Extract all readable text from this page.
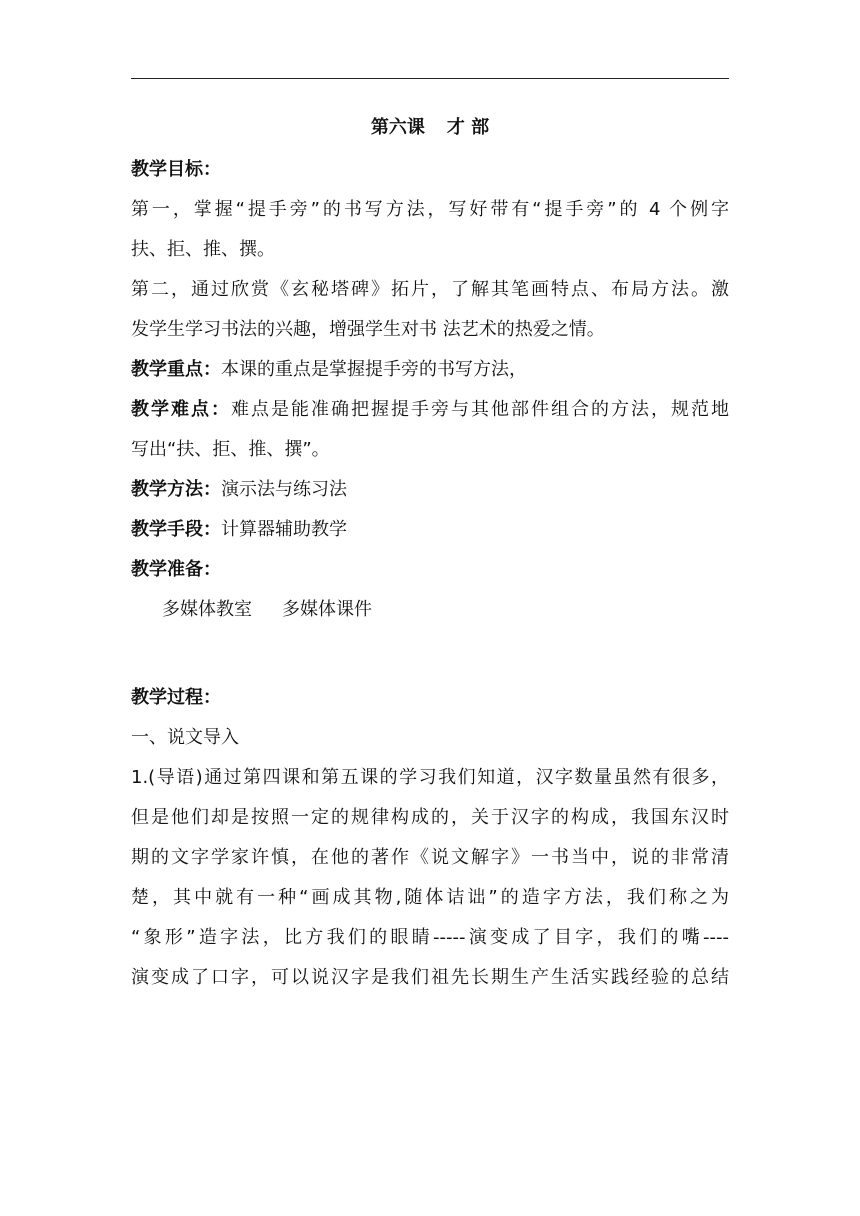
第六课 才 部
教学目标：
第一，掌握“提手旁”的书写方法，写好带有“提手旁”的 4 个例字
扶、拒、推、撰。
第二，通过欣赏《玄秘塔碑》拓片，了解其笔画特点、布局方法。激
发学生学习书法的兴趣，增强学生对书 法艺术的热爱之情。
教学重点：本课的重点是掌握提手旁的书写方法，
教学难点：难点是能准确把握提手旁与其他部件组合的方法，规范地
写出“扶、拒、推、撰”。
教学方法：演示法与练习法
教学手段：计算器辅助教学
教学准备：
多媒体教室 多媒体课件
教学过程：
一、说文导入
1.(导语)通过第四课和第五课的学习我们知道，汉字数量虽然有很多，
但是他们却是按照一定的规律构成的，关于汉字的构成，我国东汉时
期的文字学家许慎，在他的著作《说文解字》一书当中，说的非常清
楚，其中就有一种“画成其物,随体诘诎”的造字方法，我们称之为
“象形”造字法，比方我们的眼睛-----演变成了目字，我们的嘴----
演变成了口字，可以说汉字是我们祖先长期生产生活实践经验的总结
